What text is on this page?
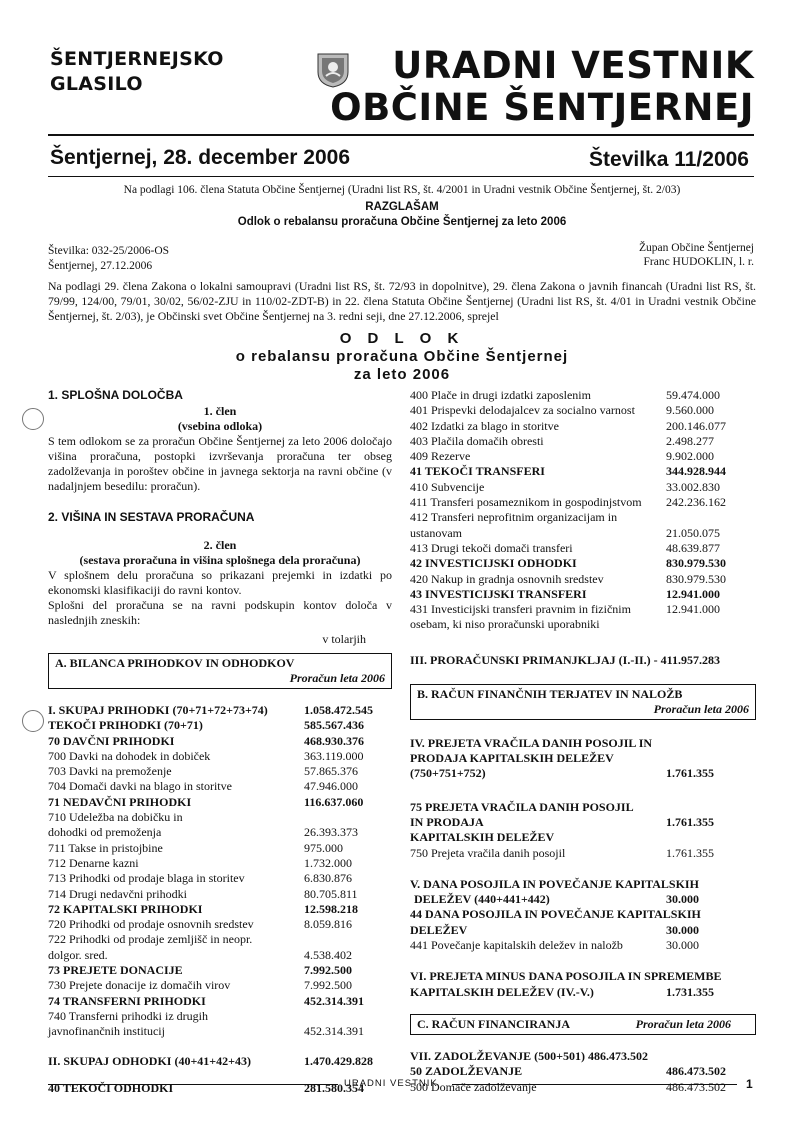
ŠENTJERNEJSKO
GLASILO	URADNI VESTNIK
OBČINE ŠENTJERNEJ
Šentjernej, 28. december 2006	Številka 11/2006
Na podlagi 106. člena Statuta Občine Šentjernej (Uradni list RS, št. 4/2001 in Uradni vestnik Občine Šentjernej, št. 2/03)
RAZGLAŠAM
Odlok o rebalansu proračuna Občine Šentjernej za leto 2006
Številka: 032-25/2006-OS
Šentjernej, 27.12.2006
Župan Občine Šentjernej
Franc HUDOKLIN, l. r.
Na podlagi 29. člena Zakona o lokalni samoupravi (Uradni list RS, št. 72/93 in dopolnitve), 29. člena Zakona o javnih financah (Uradni list RS, št. 79/99, 124/00, 79/01, 30/02, 56/02-ZJU in 110/02-ZDT-B) in 22. člena Statuta Občine Šentjernej (Uradni list RS, št. 4/01 in Uradni vestnik Občine Šentjernej, št. 2/03), je Občinski svet Občine Šentjernej na 3. redni seji, dne 27.12.2006, sprejel
O D L O K
o rebalansu proračuna Občine Šentjernej
za leto 2006
1. SPLOŠNA DOLOČBA
1. člen
(vsebina odloka)
S tem odlokom se za proračun Občine Šentjernej za leto 2006 določajo višina proračuna, postopki izvrševanja proračuna ter obseg zadolževanja in poroštev občine in javnega sektorja na ravni občine (v nadaljnjem besedilu: proračun).
2. VIŠINA IN SESTAVA PRORAČUNA
2. člen
(sestava proračuna in višina splošnega dela proračuna)
V splošnem delu proračuna so prikazani prejemki in izdatki po ekonomski klasifikaciji do ravni kontov.
Splošni del proračuna se na ravni podskupin kontov določa v naslednjih zneskih:
v tolarjih
A. BILANCA PRIHODKOV IN ODHODKOV
Proračun leta 2006
I. SKUPAJ PRIHODKI (70+71+72+73+74)	1.058.472.545
TEKOČI PRIHODKI (70+71)	585.567.436
70 DAVČNI PRIHODKI	468.930.376
700 Davki na dohodek in dobiček	363.119.000
703 Davki na premoženje	57.865.376
704 Domači davki na blago in storitve	47.946.000
71 NEDAVČNI PRIHODKI	116.637.060
710 Udeležba na dobičku in
dohodki od premoženja	26.393.373
711 Takse in pristojbine	975.000
712 Denarne kazni	1.732.000
713 Prihodki od prodaje blaga in storitev	6.830.876
714 Drugi nedavčni prihodki	80.705.811
72 KAPITALSKI PRIHODKI	12.598.218
720 Prihodki od prodaje osnovnih sredstev	8.059.816
722 Prihodki od prodaje zemljišč in neopr.
dolgor. sred.	4.538.402
73 PREJETE DONACIJE	7.992.500
730 Prejete donacije iz domačih virov	7.992.500
74 TRANSFERNI PRIHODKI	452.314.391
740 Transferni prihodki iz drugih
javnofinančnih institucij	452.314.391
II. SKUPAJ ODHODKI (40+41+42+43)	1.470.429.828
40 TEKOČI ODHODKI	281.580.354
400 Plače in drugi izdatki zaposlenim	59.474.000
401 Prispevki delodajalcev za socialno varnost	9.560.000
402 Izdatki za blago in storitve	200.146.077
403 Plačila domačih obresti	2.498.277
409 Rezerve	9.902.000
41 TEKOČI TRANSFERI	344.928.944
410 Subvencije	33.002.830
411 Transferi posameznikom in gospodinjstvom	242.236.162
412 Transferi neprofitnim organizacijam in
ustanovam	21.050.075
413 Drugi tekoči domači transferi	48.639.877
42 INVESTICIJSKI ODHODKI	830.979.530
420 Nakup in gradnja osnovnih sredstev	830.979.530
43 INVESTICIJSKI TRANSFERI	12.941.000
431 Investicijski transferi pravnim in fizičnim	12.941.000
osebam, ki niso proračunski uporabniki
III. PRORAČUNSKI PRIMANJKLJAJ (I.-II.) - 411.957.283
B. RAČUN FINANČNIH TERJATEV IN NALOŽB
Proračun leta 2006
IV. PREJETA VRAČILA DANIH POSOJIL IN
PRODAJA KAPITALSKIH DELEŽEV
(750+751+752)	1.761.355
75 PREJETA VRAČILA DANIH POSOJIL
IN PRODAJA	1.761.355
KAPITALSKIH DELEŽEV
750 Prejeta vračila danih posojil	1.761.355
V. DANA POSOJILA IN POVEČANJE KAPITALSKIH
DELEŽEV (440+441+442)	30.000
44 DANA POSOJILA IN POVEČANJE KAPITALSKIH
DELEŽEV	30.000
441 Povečanje kapitalskih deležev in naložb	30.000
VI. PREJETA MINUS DANA POSOJILA IN SPREMEMBE
KAPITALSKIH DELEŽEV (IV.-V.)	1.731.355
C. RAČUN FINANCIRANJA	Proračun leta 2006
VII. ZADOLŽEVANJE (500+501) 486.473.502
50 ZADOLŽEVANJE	486.473.502
500 Domače zadolževanje	486.473.502
URADNI VESTNIK	1
